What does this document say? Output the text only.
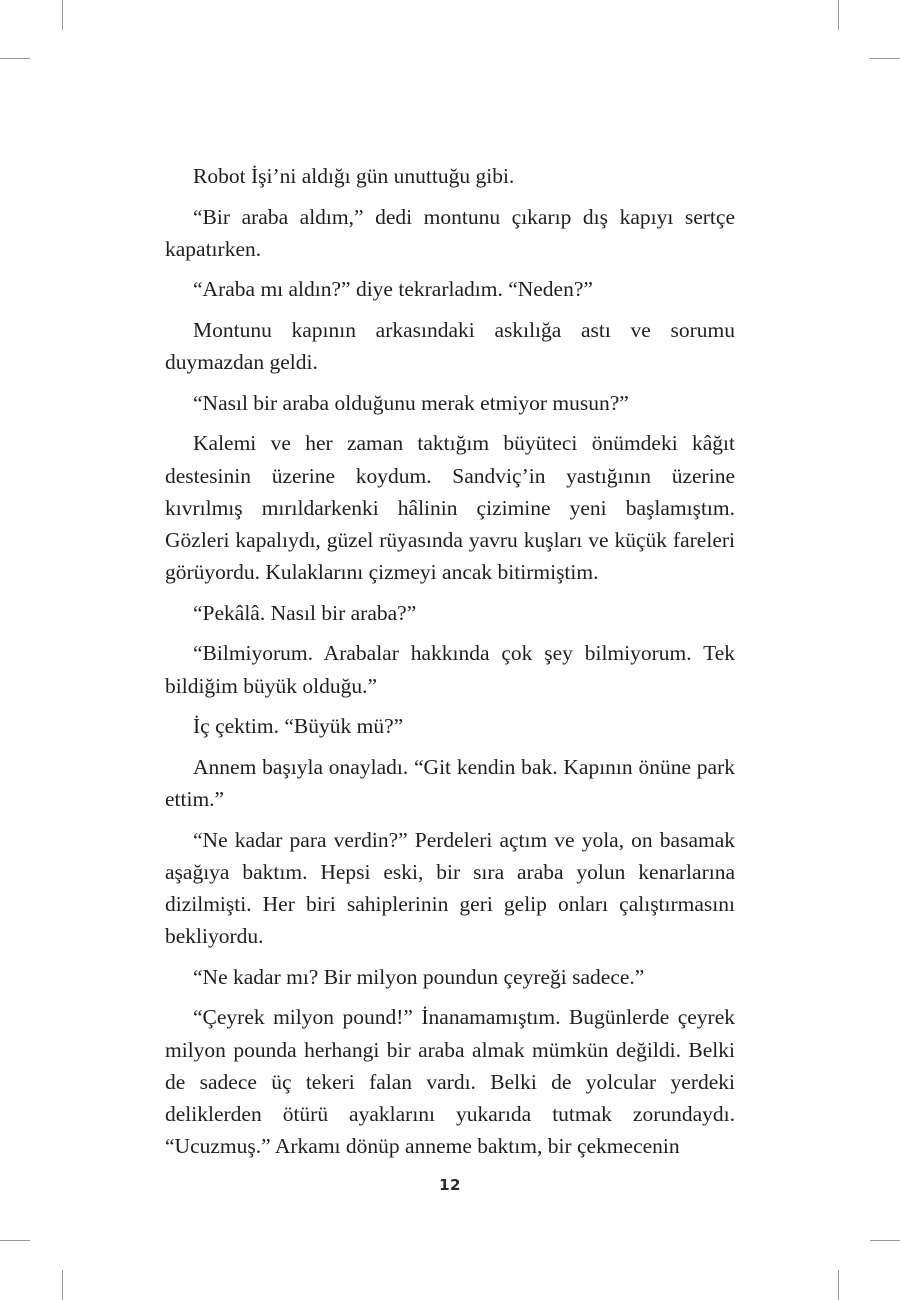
Robot İşi’ni aldığı gün unuttuğu gibi.

“Bir araba aldım,” dedi montunu çıkarıp dış kapıyı sertçe kapatırken.

“Araba mı aldın?” diye tekrarladım. “Neden?”

Montunu kapının arkasındaki askılığa astı ve sorumu duymazdan geldi.

“Nasıl bir araba olduğunu merak etmiyor musun?”

Kalemi ve her zaman taktığım büyüteci önümdeki kâğıt destesinin üzerine koydum. Sandviç’in yastığının üzerine kıvrılmış mırıldarkenki hâlinin çizimine yeni başlamıştım. Gözleri kapalıydı, güzel rüyasında yavru kuşları ve küçük fareleri görüyordu. Kulaklarını çizmeyi ancak bitirmiştim.

“Pekâlâ. Nasıl bir araba?”

“Bilmiyorum. Arabalar hakkında çok şey bilmiyorum. Tek bildiğim büyük olduğu.”

İç çektim. “Büyük mü?”

Annem başıyla onayladı. “Git kendin bak. Kapının önüne park ettim.”

“Ne kadar para verdin?” Perdeleri açtım ve yola, on basamak aşağıya baktım. Hepsi eski, bir sıra araba yolun kenarlarına dizilmişti. Her biri sahiplerinin geri gelip onları çalıştırmasını bekliyordu.

“Ne kadar mı? Bir milyon poundun çeyreği sadece.”

“Çeyrek milyon pound!” İnanamamıştım. Bugünlerde çeyrek milyon pounda herhangi bir araba almak mümkün değildi. Belki de sadece üç tekeri falan vardı. Belki de yolcular yerdeki deliklerden ötürü ayaklarını yukarıda tutmak zorundaydı. “Ucuzmuş.” Arkamı dönüp anneme baktım, bir çekmecenin

12
